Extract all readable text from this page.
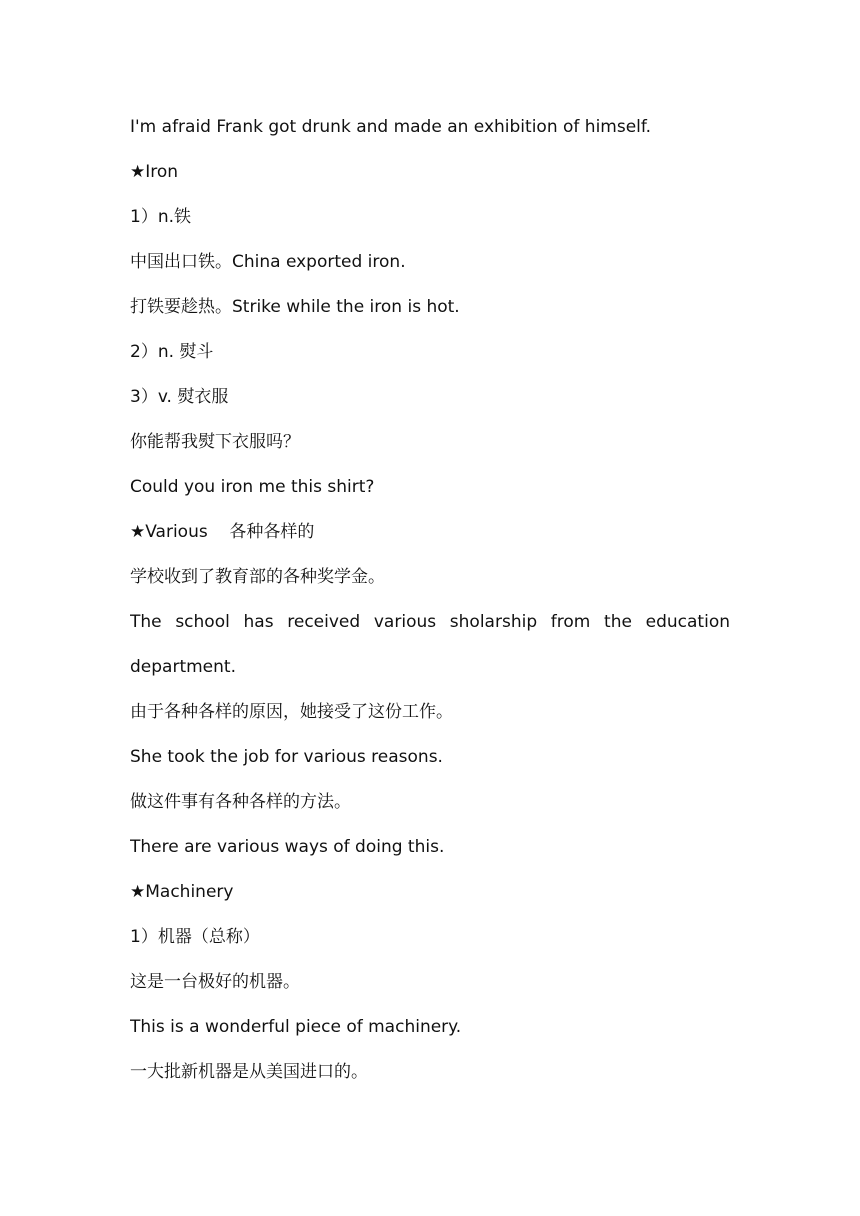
I'm afraid Frank got drunk and made an exhibition of himself.
★Iron
1）n.铁
中国出口铁。China exported iron.
打铁要趁热。Strike while the iron is hot.
2）n. 熨斗
3）v. 熨衣服
你能帮我熨下衣服吗？
Could you iron me this shirt?
★Various    各种各样的
学校收到了教育部的各种奖学金。
The school has received various sholarship from the education
department.
由于各种各样的原因，她接受了这份工作。
She took the job for various reasons.
做这件事有各种各样的方法。
There are various ways of doing this.
★Machinery
1）机器（总称）
这是一台极好的机器。
This is a wonderful piece of machinery.
一大批新机器是从美国进口的。
